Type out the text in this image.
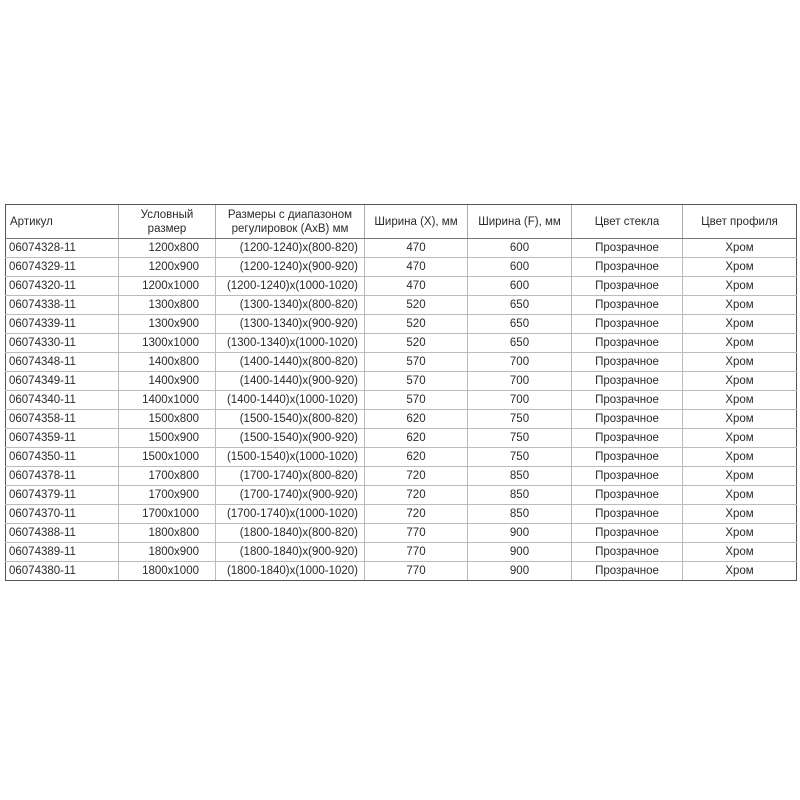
Артикул	Условный размер	Размеры с диапазоном регулировок (AxB) мм	Ширина (X), мм	Ширина (F), мм	Цвет стекла	Цвет профиля
06074328-11	1200x800	(1200-1240)x(800-820)	470	600	Прозрачное	Хром
06074329-11	1200x900	(1200-1240)x(900-920)	470	600	Прозрачное	Хром
06074320-11	1200x1000	(1200-1240)x(1000-1020)	470	600	Прозрачное	Хром
06074338-11	1300x800	(1300-1340)x(800-820)	520	650	Прозрачное	Хром
06074339-11	1300x900	(1300-1340)x(900-920)	520	650	Прозрачное	Хром
06074330-11	1300x1000	(1300-1340)x(1000-1020)	520	650	Прозрачное	Хром
06074348-11	1400x800	(1400-1440)x(800-820)	570	700	Прозрачное	Хром
06074349-11	1400x900	(1400-1440)x(900-920)	570	700	Прозрачное	Хром
06074340-11	1400x1000	(1400-1440)x(1000-1020)	570	700	Прозрачное	Хром
06074358-11	1500x800	(1500-1540)x(800-820)	620	750	Прозрачное	Хром
06074359-11	1500x900	(1500-1540)x(900-920)	620	750	Прозрачное	Хром
06074350-11	1500x1000	(1500-1540)x(1000-1020)	620	750	Прозрачное	Хром
06074378-11	1700x800	(1700-1740)x(800-820)	720	850	Прозрачное	Хром
06074379-11	1700x900	(1700-1740)x(900-920)	720	850	Прозрачное	Хром
06074370-11	1700x1000	(1700-1740)x(1000-1020)	720	850	Прозрачное	Хром
06074388-11	1800x800	(1800-1840)x(800-820)	770	900	Прозрачное	Хром
06074389-11	1800x900	(1800-1840)x(900-920)	770	900	Прозрачное	Хром
06074380-11	1800x1000	(1800-1840)x(1000-1020)	770	900	Прозрачное	Хром
